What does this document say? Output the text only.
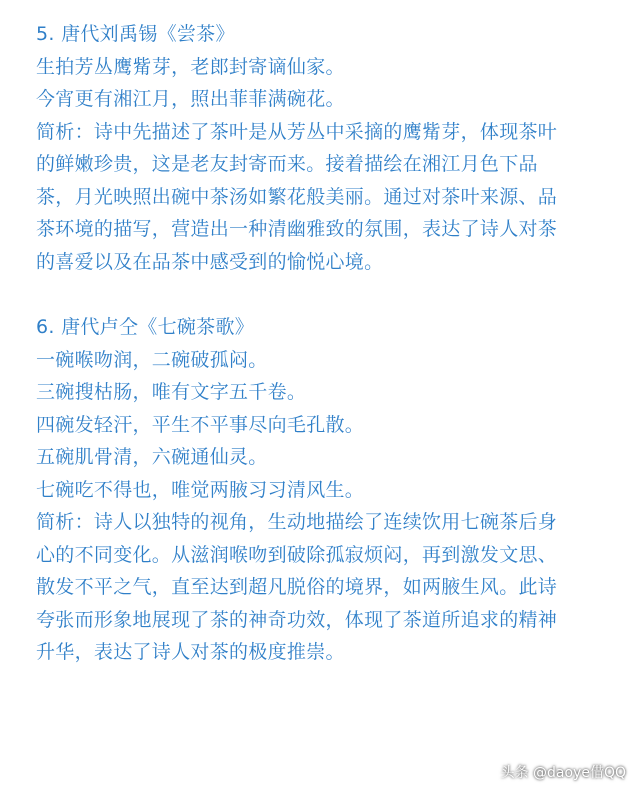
5. 唐代刘禹锡《尝茶》

生拍芳丛鹰觜芽，老郎封寄谪仙家。

今宵更有湘江月，照出菲菲满碗花。

简析：诗中先描述了茶叶是从芳丛中采摘的鹰觜芽，体现茶叶

的鲜嫩珍贵，这是老友封寄而来。接着描绘在湘江月色下品

茶，月光映照出碗中茶汤如繁花般美丽。通过对茶叶来源、品

茶环境的描写，营造出一种清幽雅致的氛围，表达了诗人对茶

的喜爱以及在品茶中感受到的愉悦心境。

6. 唐代卢仝《七碗茶歌》

一碗喉吻润，二碗破孤闷。

三碗搜枯肠，唯有文字五千卷。

四碗发轻汗，平生不平事尽向毛孔散。

五碗肌骨清，六碗通仙灵。

七碗吃不得也，唯觉两腋习习清风生。

简析：诗人以独特的视角，生动地描绘了连续饮用七碗茶后身

心的不同变化。从滋润喉吻到破除孤寂烦闷，再到激发文思、

散发不平之气，直至达到超凡脱俗的境界，如两腋生风。此诗

夸张而形象地展现了茶的神奇功效，体现了茶道所追求的精神

升华，表达了诗人对茶的极度推崇。

头条 @daoye借QQ
